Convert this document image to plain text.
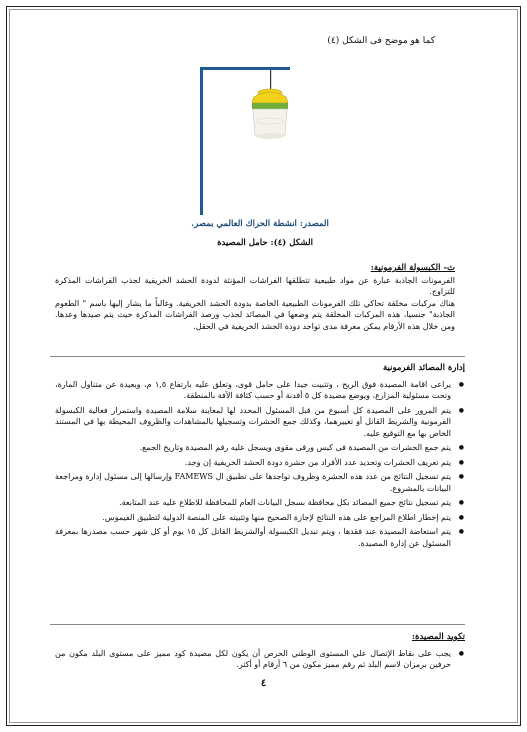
كما هو موضح فى الشكل (٤)
المصدر: انشطة الحراك العالمي بمصر.
الشكل (٤): حامل المصيدة
ث- الكبسولة الفرمونية:

الفرمونات الجاذبة عبارة عن مواد طبيعية تتطلقها الفراشات المؤنثة لدودة الحشد الخريفية لجذب الفراشات المذكرة للتزاوج.

هناك مركبات مخلقة تحاكي تلك الفرمونات الطبيعية الخاصة بدودة الحشد الخريفية. وغالباً ما يشار إليها باسم " الطعوم الجاذبة" جنسيا، هذه المركبات المخلقة يتم وضعها في المصائد لجذب ورصد الفراشات المذكرة حيث يتم صيدها وعدها. ومن خلال هذه الأرقام يمكن معرفة مدى تواجد دودة الحشد الخريفية في الحقل.

إدارة المصائد الفرمونية
● يراعى اقامة المصيدة فوق الريح ، وتثبيت جيدا على حامل قوى، وتعلق عليه بارتفاع ١,٥ م، وبعيدة عن متناول المارة، وتحت مسئولية المزارع، ويوضع مصيدة كل ٥ أفدنة أو حسب كثافة الآفة بالمنطقة.
● يتم المرور على المصيدة كل أسبوع من قبل المسئول المحدد لها لمعاينة سلامة المصيدة واستمرار فعالية الكبسولة الفرمونية والشريط القاتل أو تغييرهما، وكذلك جمع الحشرات وتسجيلها بالمشاهدات والظروف المحيطة بها في المستند الخاص بها مع التوقيع عليه.
● يتم جمع الحشرات من المصيدة فى كيس ورقى مقوى ويسجل عليه رقم المصيدة وتاريخ الجمع.
● يتم تعريف الحشرات وتحديد عدد الأفراد من حشرة دودة الحشد الخريفية إن وجد.
● يتم تسجيل النتائج من عدد هذه الحشرة وظروف تواجدها على تطبيق ال FAMEWS وإرسالها إلى مسئول إدارة ومراجعة البيانات بالمشروع.
● يتم تسجيل نتائج جميع المصائد بكل محافظة بسجل البيانات العام للمحافظة للاطلاع عليه عند المتابعة.
● يتم إخطار اطلاع المراجع على هذه النتائج لإجازة الصحيح منها وتثبيته على المنصة الدولية لتطبيق الفيموس.
● يتم استعاضة المصيدة عند فقدها ، ويتم تبديل الكبسولة أوالشريط القاتل كل ١٥ يوم أو كل شهر حسب مصدرها بمعرفة المسئول عن إدارة المصيدة.
تكويد المصيدة:
● يجب على نقاط الإتصال علي المستوى الوطني الحرص أن يكون لكل مصيدة كود مميز على مستوى البلد مكون من حرفين برمزان لاسم البلد ثم رقم مميز مكون من ٦ أرقام أو أكثر.
٤
